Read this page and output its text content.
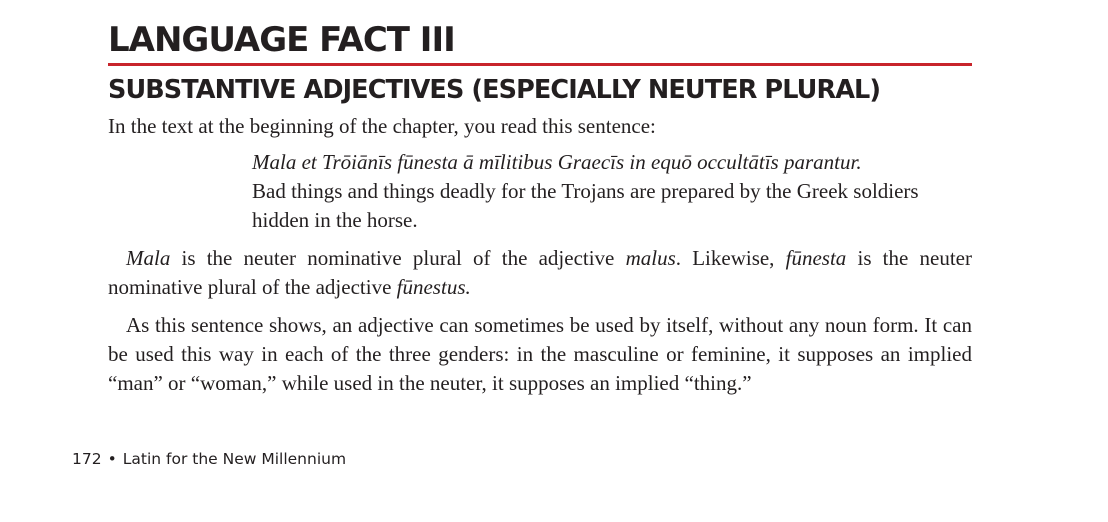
LANGUAGE FACT III
SUBSTANTIVE ADJECTIVES (ESPECIALLY NEUTER PLURAL)
In the text at the beginning of the chapter, you read this sentence:
Mala et Trōiānīs fūnesta ā mīlitibus Graecīs in equō occultātīs parantur.
Bad things and things deadly for the Trojans are prepared by the Greek soldiers hidden in the horse.
Mala is the neuter nominative plural of the adjective malus. Likewise, fūnesta is the neuter nominative plural of the adjective fūnestus.
As this sentence shows, an adjective can sometimes be used by itself, without any noun form. It can be used this way in each of the three genders: in the masculine or feminine, it supposes an implied “man” or “woman,” while used in the neuter, it supposes an implied “thing.”
172 • Latin for the New Millennium
